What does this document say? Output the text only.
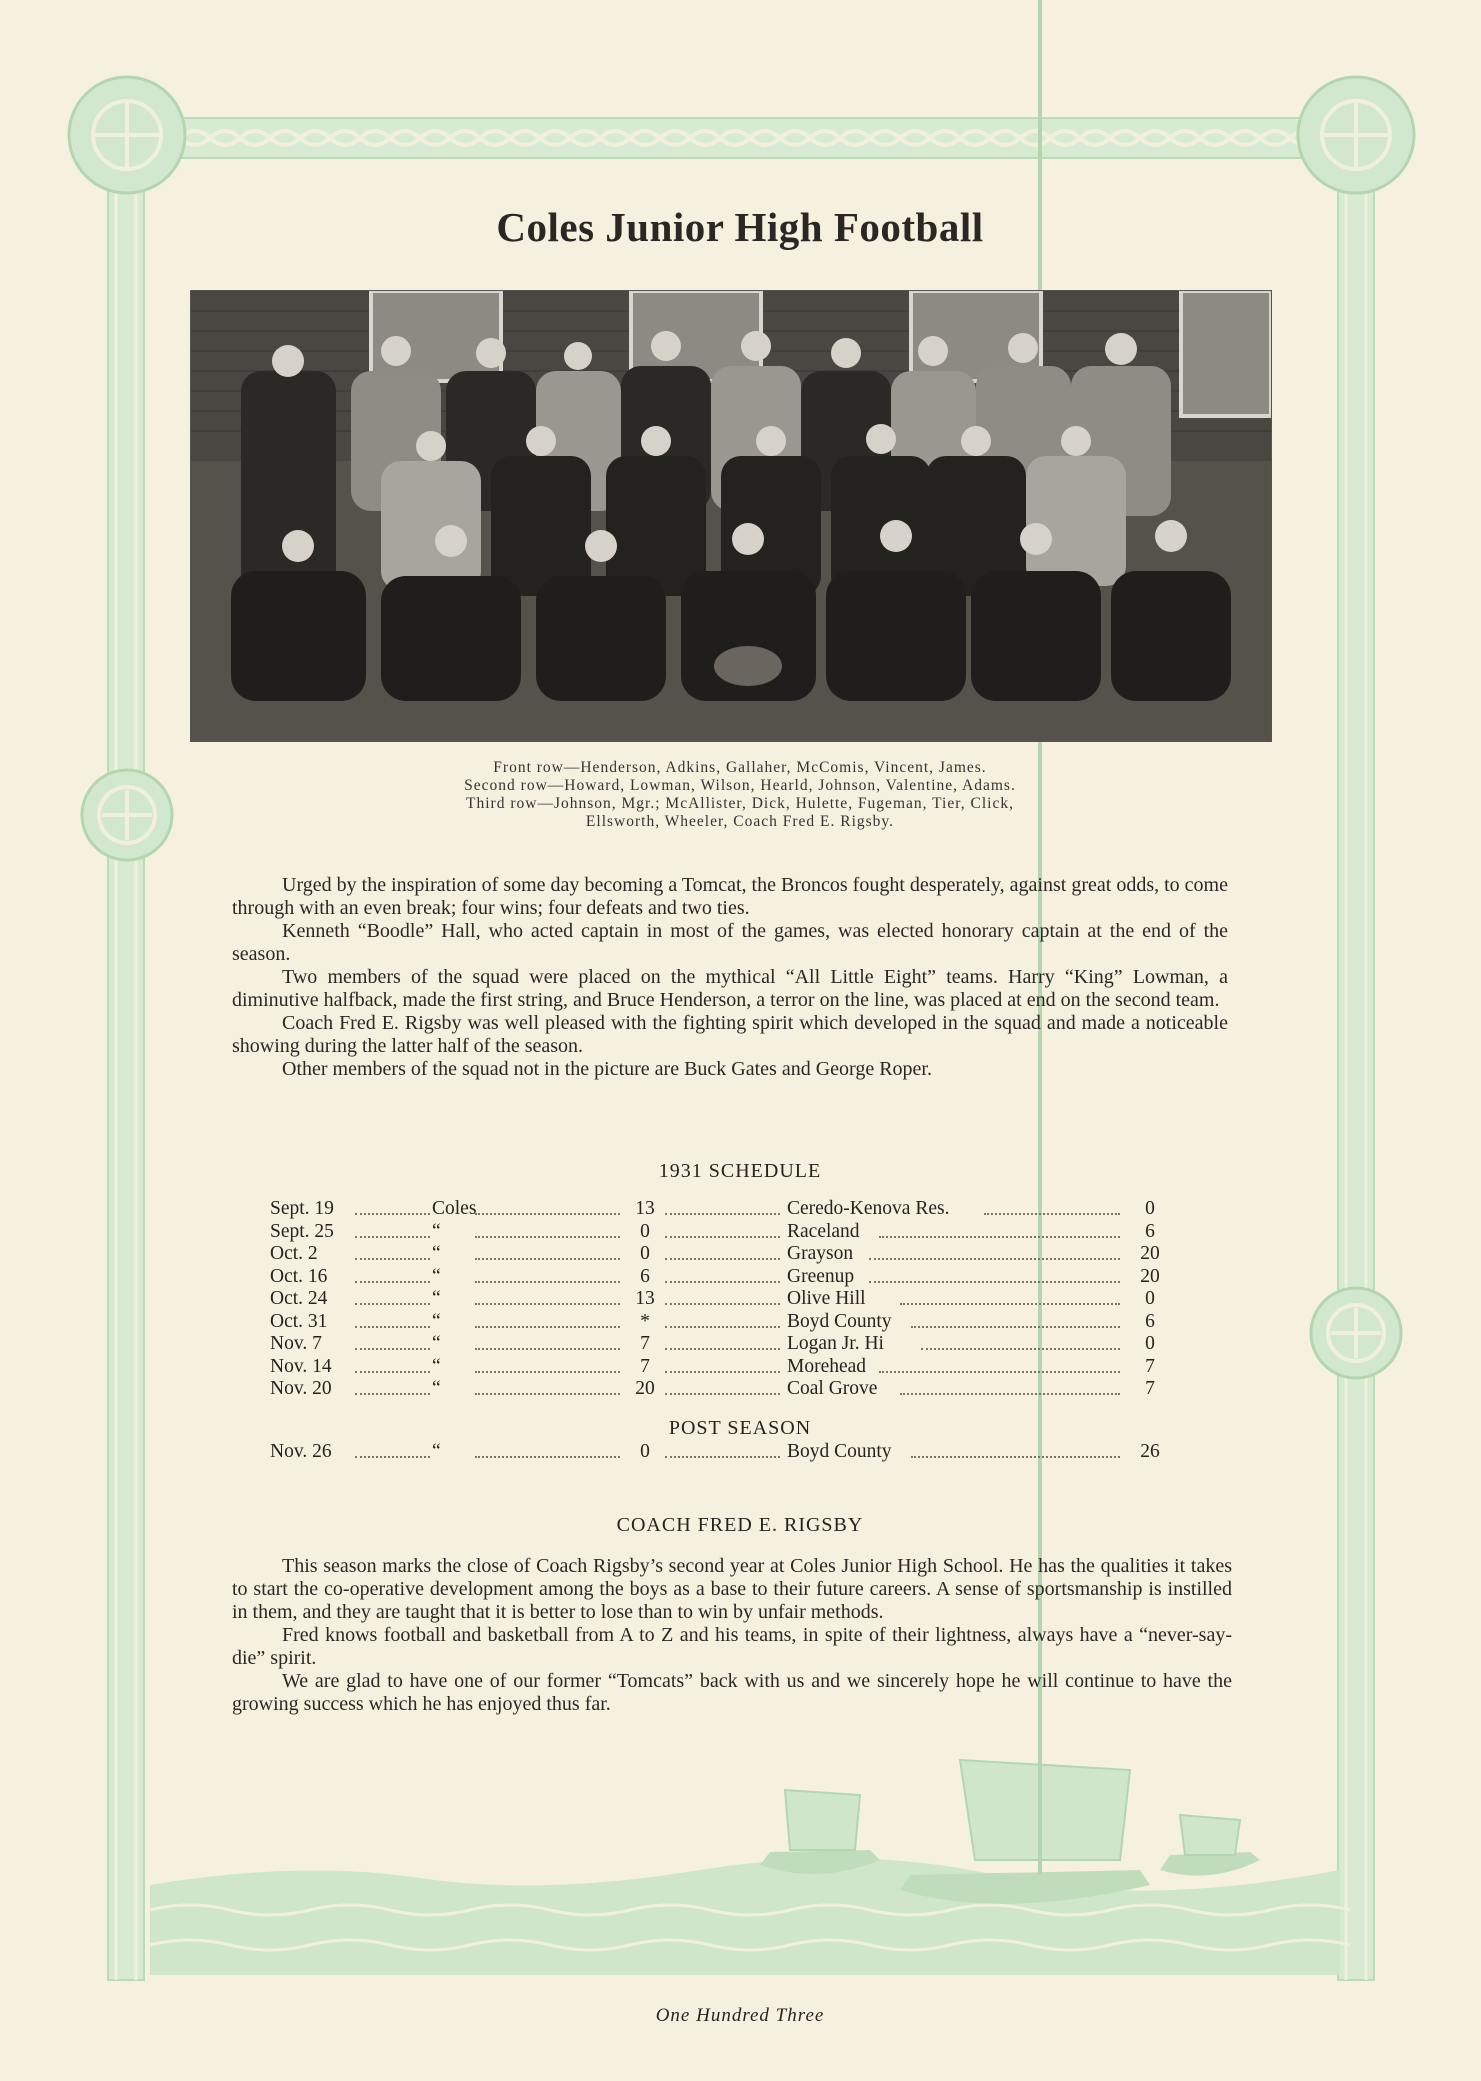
Coles Junior High Football
Front row—Henderson, Adkins, Gallaher, McComis, Vincent, James.
Second row—Howard, Lowman, Wilson, Hearld, Johnson, Valentine, Adams.
Third row—Johnson, Mgr.; McAllister, Dick, Hulette, Fugeman, Tier, Click,
Ellsworth, Wheeler, Coach Fred E. Rigsby.

Urged by the inspiration of some day becoming a Tomcat, the Broncos fought desperately, against great odds, to come through with an even break; four wins; four defeats and two ties.

Kenneth “Boodle” Hall, who acted captain in most of the games, was elected honorary captain at the end of the season.

Two members of the squad were placed on the mythical “All Little Eight” teams. Harry “King” Lowman, a diminutive halfback, made the first string, and Bruce Henderson, a terror on the line, was placed at end on the second team.

Coach Fred E. Rigsby was well pleased with the fighting spirit which developed in the squad and made a noticeable showing during the latter half of the season.

Other members of the squad not in the picture are Buck Gates and George Roper.

1931 SCHEDULE
Sept. 19	Coles	13	Ceredo-Kenova Res.	0
Sept. 25	“	0	Raceland	6
Oct. 2	“	0	Grayson	20
Oct. 16	“	6	Greenup	20
Oct. 24	“	13	Olive Hill	0
Oct. 31	“	*	Boyd County	6
Nov. 7	“	7	Logan Jr. Hi	0
Nov. 14	“	7	Morehead	7
Nov. 20	“	20	Coal Grove	7
POST SEASON
Nov. 26	“	0	Boyd County	26
COACH FRED E. RIGSBY

This season marks the close of Coach Rigsby’s second year at Coles Junior High School. He has the qualities it takes to start the co-operative development among the boys as a base to their future careers. A sense of sportsmanship is instilled in them, and they are taught that it is better to lose than to win by unfair methods.

Fred knows football and basketball from A to Z and his teams, in spite of their lightness, always have a “never-say-die” spirit.

We are glad to have one of our former “Tomcats” back with us and we sincerely hope he will continue to have the growing success which he has enjoyed thus far.

One Hundred Three
